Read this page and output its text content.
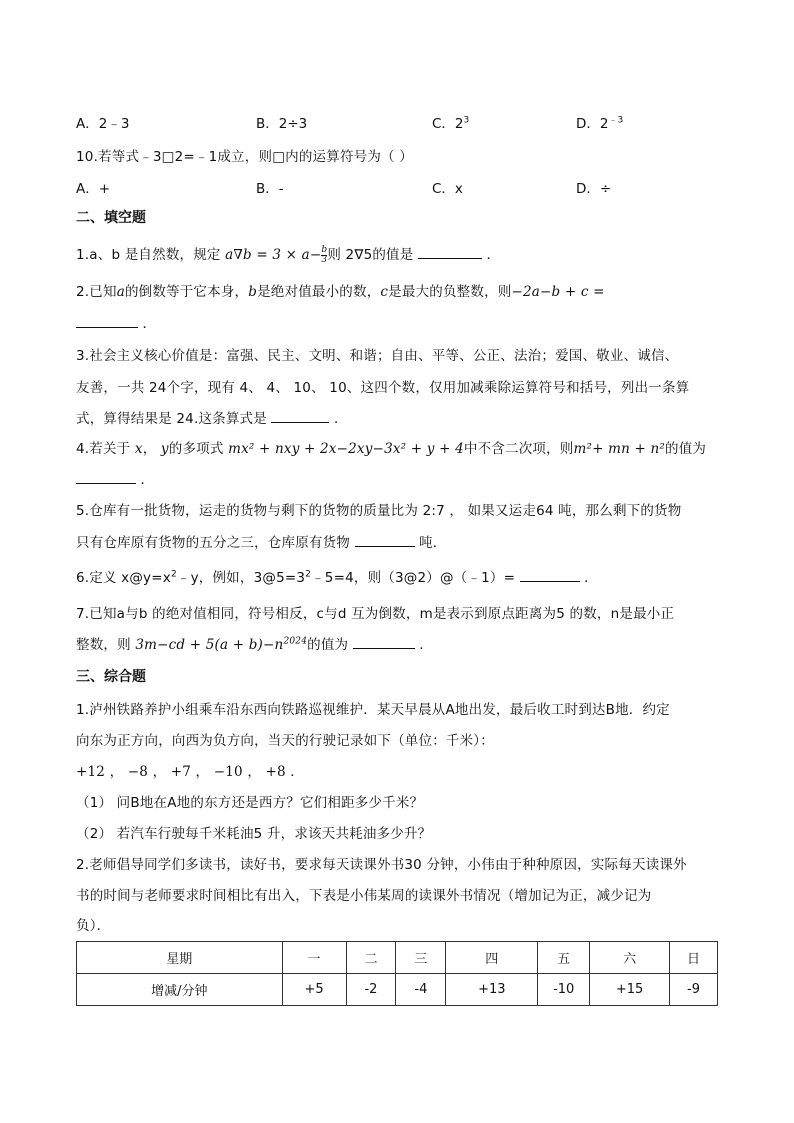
A．2﹣3	B．2÷3	C．$2^3$	D．$2^{﹣3}$
10.若等式﹣3□2=﹣1成立，则□内的运算符号为（ ）
A．+	B．-	C．x	D．÷
二、填空题
1.a、b 是自然数，规定 $a\nabla b = 3 \times a- \frac{b}{3}$ 则 2∇5的值是	．
2.已知a的倒数等于它本身，b是绝对值最小的数，c是最大的负整数，则−2a−b + c =
．
3.社会主义核心价值是：富强、民主、文明、和谐；自由、平等、公正、法治；爱国、敬业、诚信、
友善，一共 24个字，现有 4、 4、 10、 10、这四个数，仅用加减乘除运算符号和括号，列出一条算
式，算得结果是 24.这条算式是	．
4.若关于 x， y的多项式 mx² + nxy + 2x−2xy−3x² + y + 4中不含二次项，则m²+ mn + n²的值为
．
5.仓库有一批货物，运走的货物与剩下的货物的质量比为 2:7 ， 如果又运走64 吨，那么剩下的货物
只有仓库原有货物的五分之三，仓库原有货物	吨．
6.定义 $x@y=x^2﹣y$，例如，$3@5=3^2﹣5=4$，则（3@2）@（﹣1）=	．
7.已知a与b 的绝对值相同，符号相反，c与d 互为倒数，m是表示到原点距离为5 的数，n是最小正
整数，则 $3m-cd + 5(a + b)-n^{2024}$的值为	．
三、综合题
1.泸州铁路养护小组乘车沿东西向铁路巡视维护．某天早晨从A地出发，最后收工时到达B地．约定
向东为正方向，向西为负方向，当天的行驶记录如下（单位：千米）：
+12 ， −8 ， +7 ， −10 ， +8 ．
（1） 问B地在A地的东方还是西方？它们相距多少千米？
（2） 若汽车行驶每千米耗油5 升，求该天共耗油多少升？
2.老师倡导同学们多读书，读好书，要求每天读课外书30 分钟，小伟由于种种原因，实际每天读课外
书的时间与老师要求时间相比有出入，下表是小伟某周的读课外书情况（增加记为正，减少记为
负）．
星期	一	二	三	四	五	六	日
增减/分钟	+5	-2	-4	+13	-10	+15	-9
